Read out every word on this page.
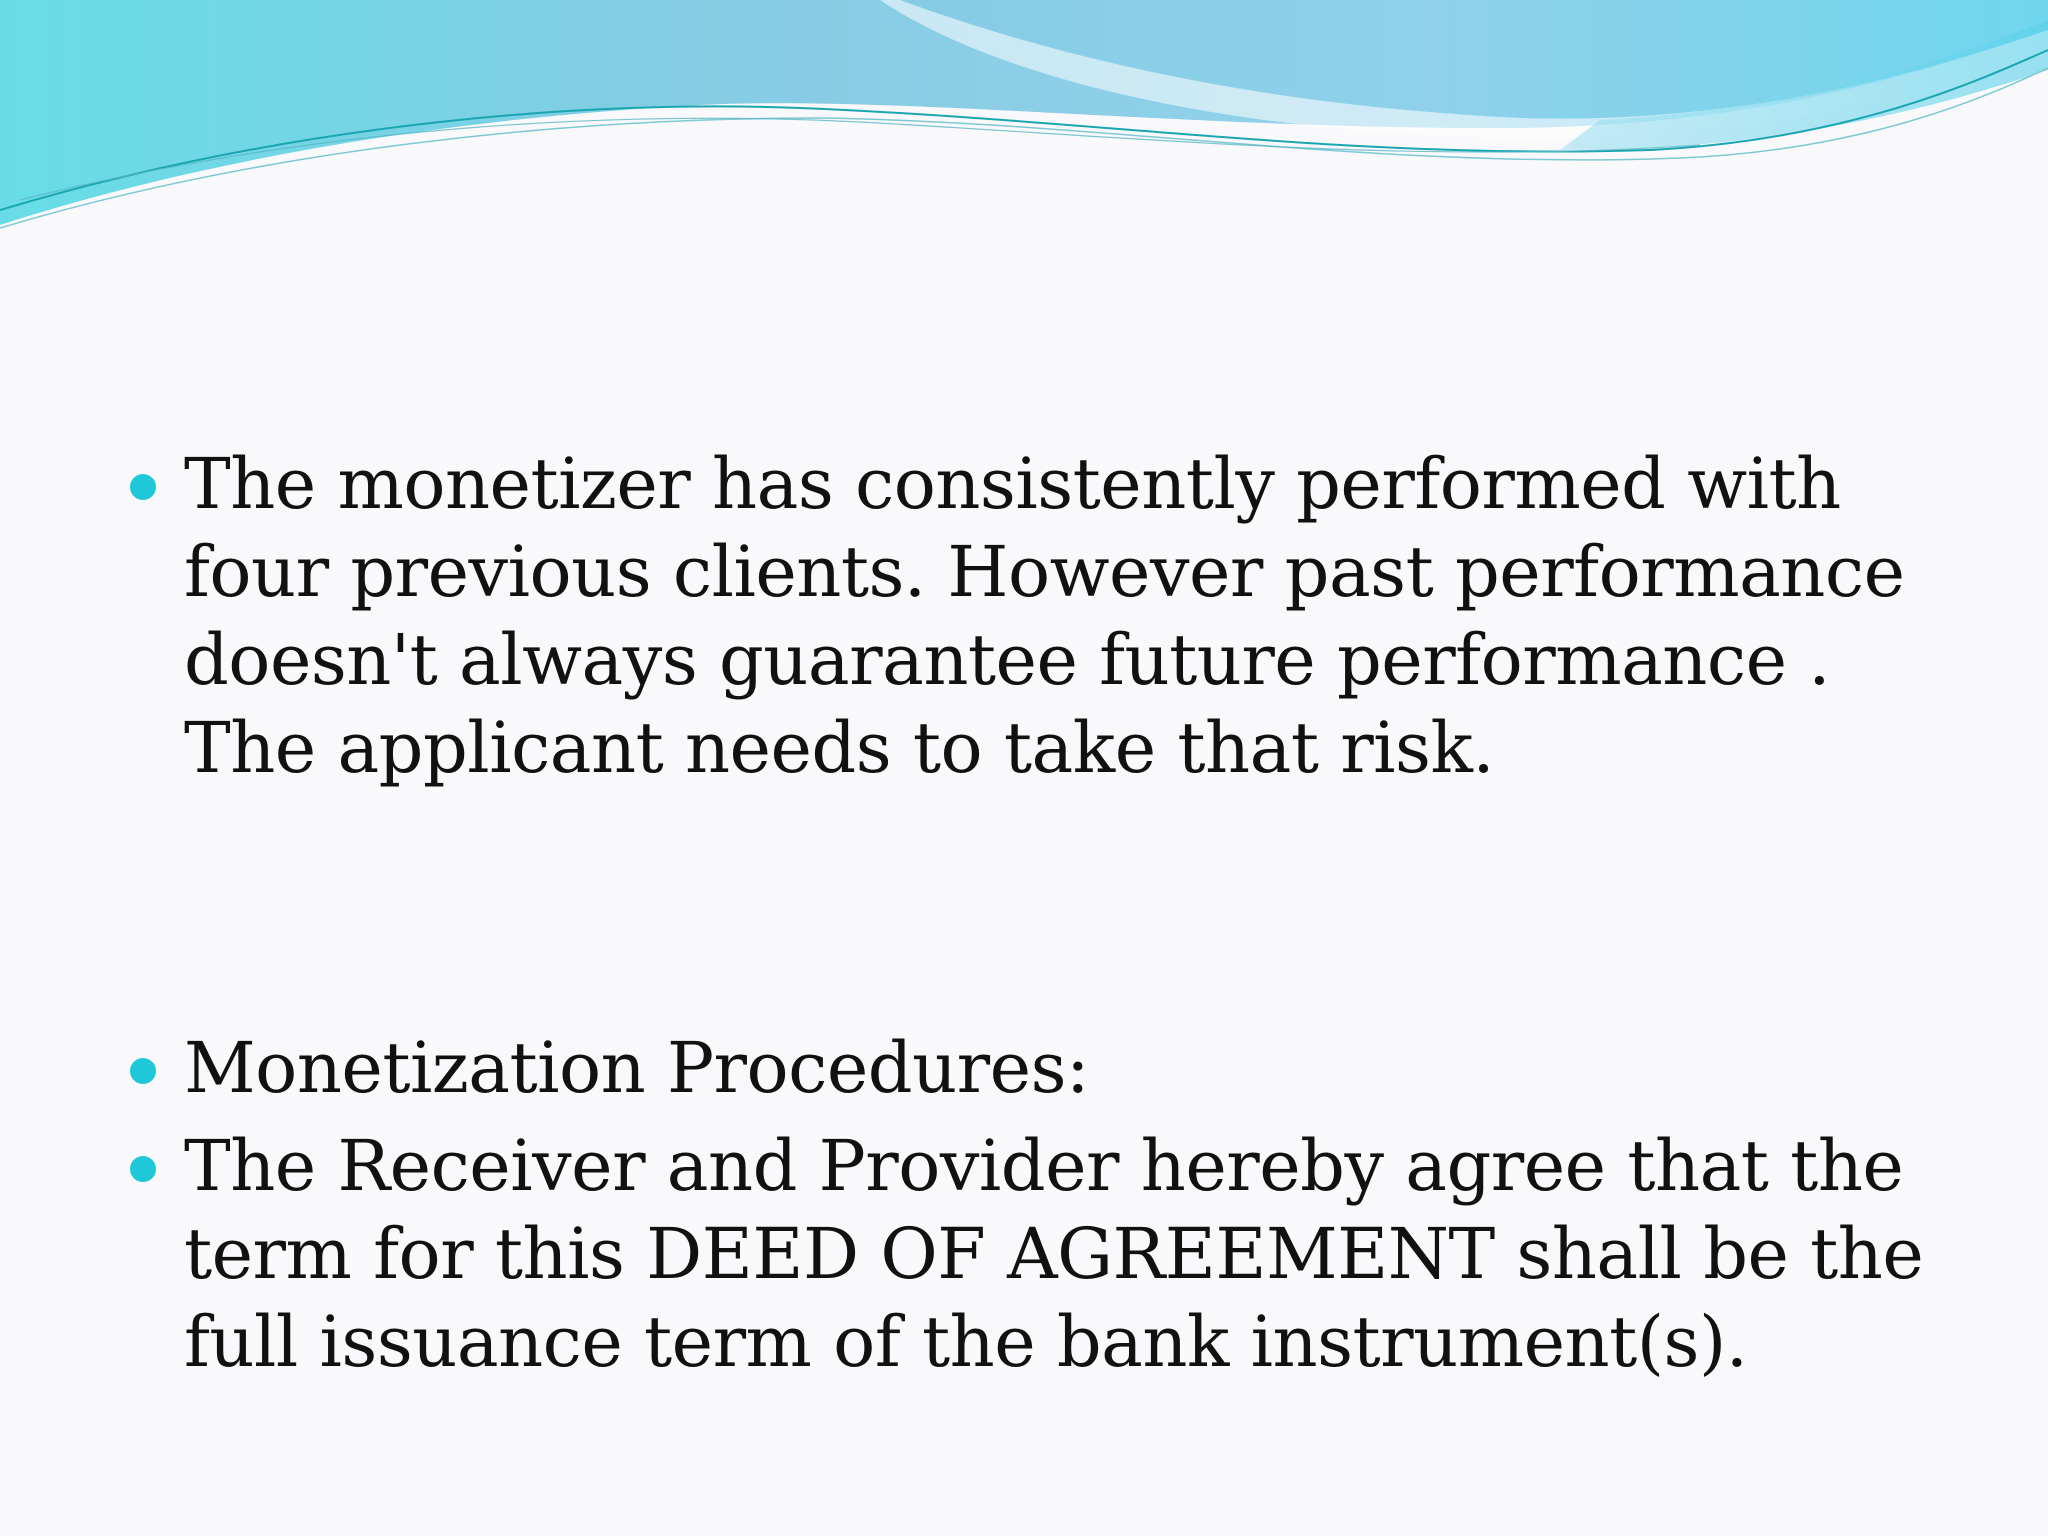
The monetizer has consistently performed with four previous clients. However past performance doesn't always guarantee future performance . The applicant needs to take that risk.
Monetization Procedures:
The Receiver and Provider hereby agree that the term for this DEED OF AGREEMENT shall be the full issuance term of the bank instrument(s).
